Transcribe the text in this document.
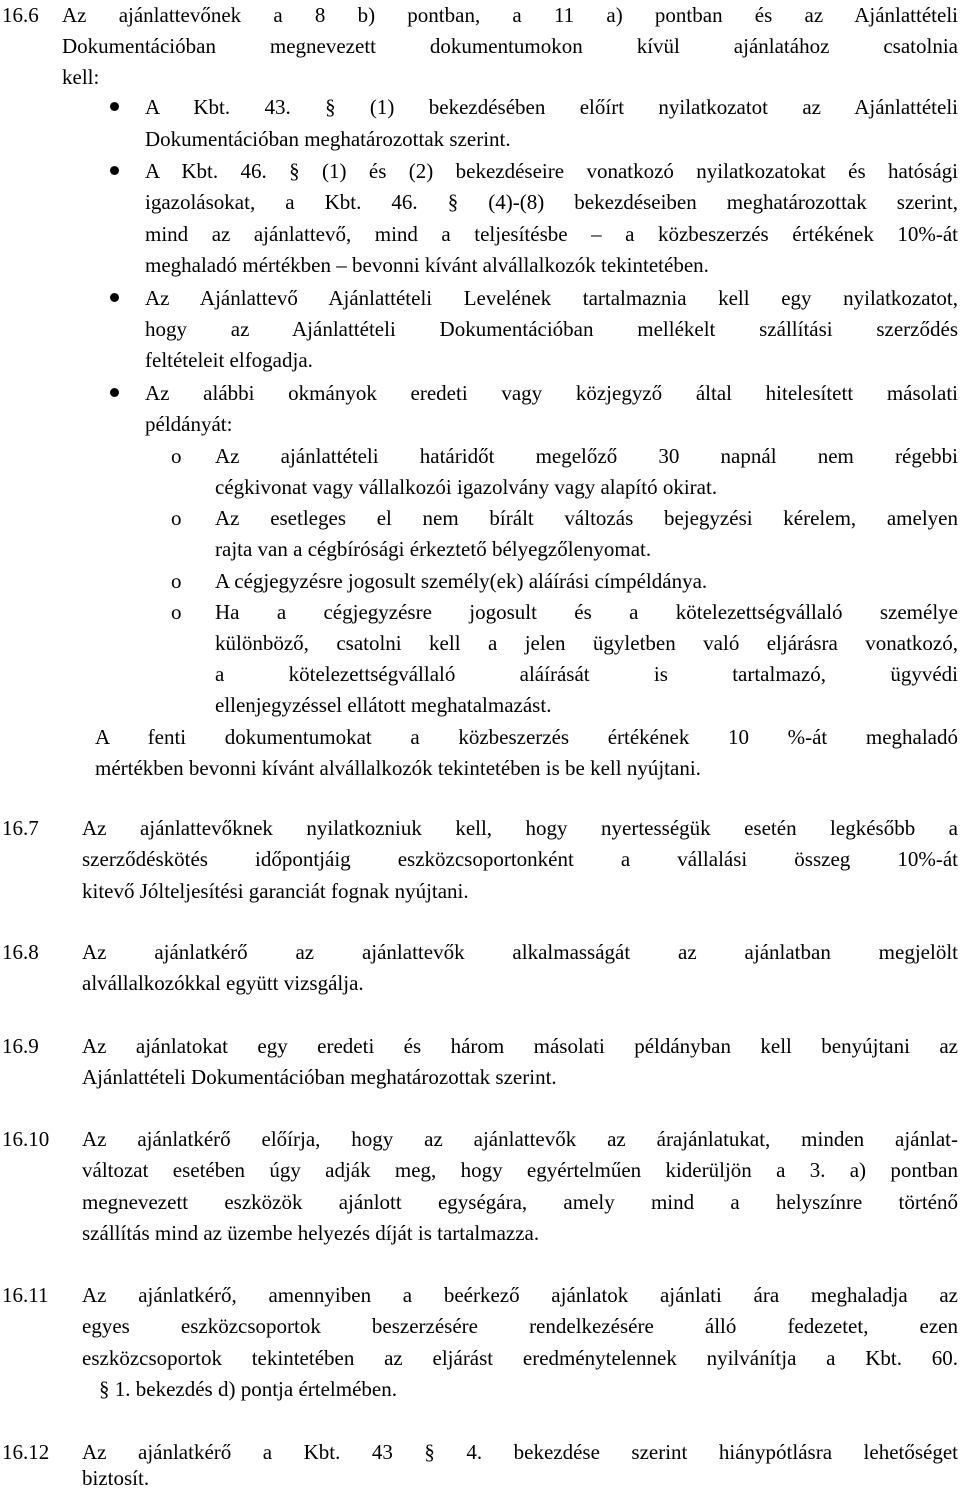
16.6 Az ajánlattevőnek a 8 b) pontban, a 11 a) pontban és az Ajánlattételi
Dokumentációban megnevezett dokumentumokon kívül ajánlatához csatolnia
kell:
A Kbt. 43. § (1) bekezdésében előírt nyilatkozatot az Ajánlattételi
Dokumentációban meghatározottak szerint.
A Kbt. 46. § (1) és (2) bekezdéseire vonatkozó nyilatkozatokat és hatósági
igazolásokat, a Kbt. 46. § (4)-(8) bekezdéseiben meghatározottak szerint,
mind az ajánlattevő, mind a teljesítésbe – a közbeszerzés értékének 10%-át
meghaladó mértékben – bevonni kívánt alvállalkozók tekintetében.
Az Ajánlattevő Ajánlattételi Levelének tartalmaznia kell egy nyilatkozatot,
hogy az Ajánlattételi Dokumentációban mellékelt szállítási szerződés
feltételeit elfogadja.
Az alábbi okmányok eredeti vagy közjegyző által hitelesített másolati
példányát:
o Az ajánlattételi határidőt megelőző 30 napnál nem régebbi
cégkivonat vagy vállalkozói igazolvány vagy alapító okirat.
o Az esetleges el nem bírált változás bejegyzési kérelem, amelyen
rajta van a cégbírósági érkeztető bélyegzőlenyomat.
o A cégjegyzésre jogosult személy(ek) aláírási címpéldánya.
o Ha a cégjegyzésre jogosult és a kötelezettségvállaló személye
különböző, csatolni kell a jelen ügyletben való eljárásra vonatkozó,
a kötelezettségvállaló aláírását is tartalmazó, ügyvédi
ellenjegyzéssel ellátott meghatalmazást.
A fenti dokumentumokat a közbeszerzés értékének 10 %-át meghaladó
mértékben bevonni kívánt alvállalkozók tekintetében is be kell nyújtani.
16.7 Az ajánlattevőknek nyilatkozniuk kell, hogy nyertességük esetén legkésőbb a
szerződéskötés időpontjáig eszközcsoportonként a vállalási összeg 10%-át
kitevő Jólteljesítési garanciát fognak nyújtani.
16.8 Az ajánlatkérő az ajánlattevők alkalmasságát az ajánlatban megjelölt
alvállalkozókkal együtt vizsgálja.
16.9 Az ajánlatokat egy eredeti és három másolati példányban kell benyújtani az
Ajánlattételi Dokumentációban meghatározottak szerint.
16.10 Az ajánlatkérő előírja, hogy az ajánlattevők az árajánlatukat, minden ajánlat-
változat esetében úgy adják meg, hogy egyértelműen kiderüljön a 3. a) pontban
megnevezett eszközök ajánlott egységára, amely mind a helyszínre történő
szállítás mind az üzembe helyezés díját is tartalmazza.
16.11 Az ajánlatkérő, amennyiben a beérkező ajánlatok ajánlati ára meghaladja az
egyes eszközcsoportok beszerzésére rendelkezésére álló fedezetet, ezen
eszközcsoportok tekintetében az eljárást eredménytelennek nyilvánítja a Kbt. 60.
§ 1. bekezdés d) pontja értelmében.
16.12 Az ajánlatkérő a Kbt. 43 § 4. bekezdése szerint hiánypótlásra lehetőséget
biztosít.
